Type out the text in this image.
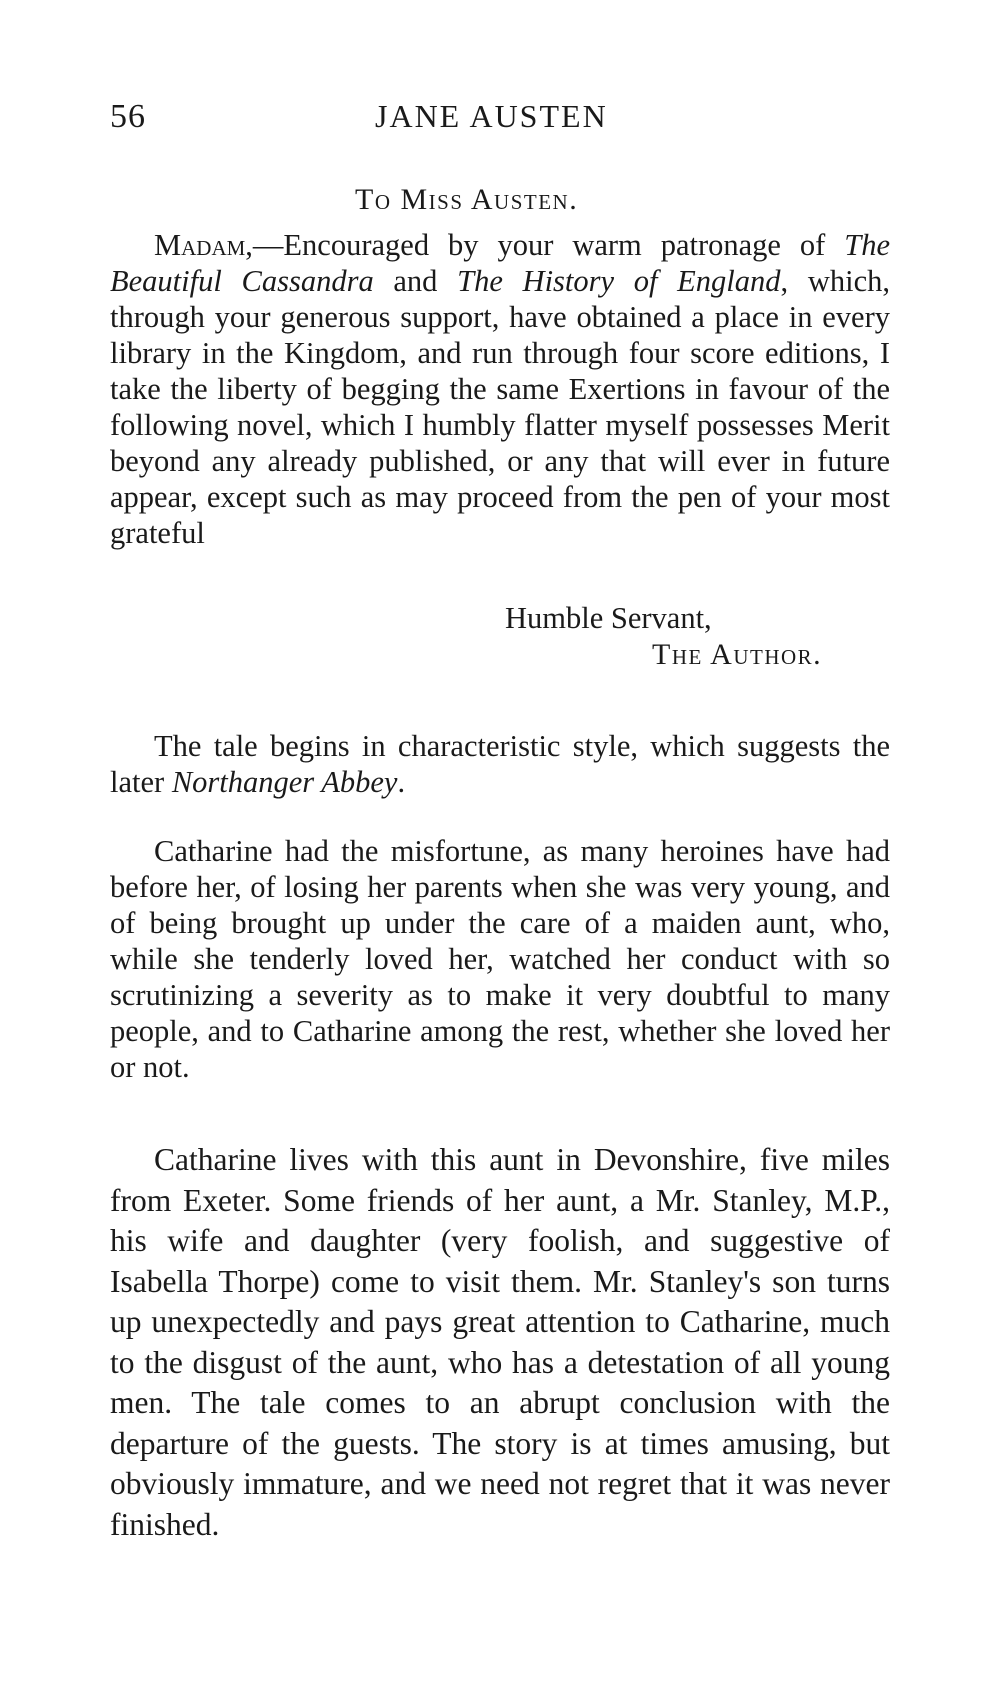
56	JANE AUSTEN
To Miss Austen.

Madam,—Encouraged by your warm patronage of The Beautiful Cassandra and The History of England, which, through your generous support, have obtained a place in every library in the Kingdom, and run through four score editions, I take the liberty of begging the same Exertions in favour of the following novel, which I humbly flatter myself possesses Merit beyond any already published, or any that will ever in future appear, except such as may proceed from the pen of your most grateful

Humble Servant,
The Author.

The tale begins in characteristic style, which suggests the later Northanger Abbey.

Catharine had the misfortune, as many heroines have had before her, of losing her parents when she was very young, and of being brought up under the care of a maiden aunt, who, while she tenderly loved her, watched her conduct with so scrutinizing a severity as to make it very doubtful to many people, and to Catharine among the rest, whether she loved her or not.

Catharine lives with this aunt in Devonshire, five miles from Exeter. Some friends of her aunt, a Mr. Stanley, M.P., his wife and daughter (very foolish, and suggestive of Isabella Thorpe) come to visit them. Mr. Stanley's son turns up unexpectedly and pays great attention to Catharine, much to the disgust of the aunt, who has a detestation of all young men. The tale comes to an abrupt conclusion with the departure of the guests. The story is at times amusing, but obviously immature, and we need not regret that it was never finished.
